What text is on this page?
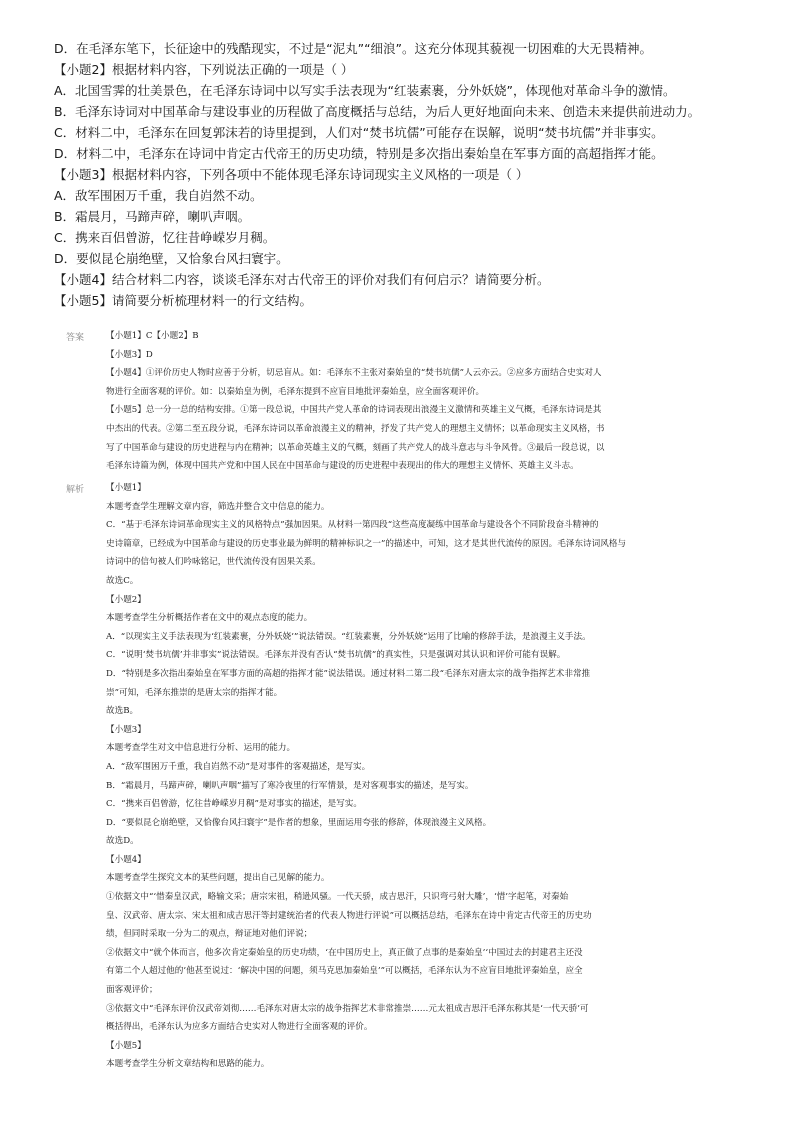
D．在毛泽东笔下，长征途中的残酷现实，不过是“泥丸”“细浪”。这充分体现其藐视一切困难的大无畏精神。
【小题2】根据材料内容，下列说法正确的一项是（ ）
A．北国雪霁的壮美景色，在毛泽东诗词中以写实手法表现为“红装素裹，分外妖娆”，体现他对革命斗争的激情。
B．毛泽东诗词对中国革命与建设事业的历程做了高度概括与总结，为后人更好地面向未来、创造未来提供前进动力。
C．材料二中，毛泽东在回复郭沫若的诗里提到，人们对“焚书坑儒”可能存在误解，说明“焚书坑儒”并非事实。
D．材料二中，毛泽东在诗词中肯定古代帝王的历史功绩，特别是多次指出秦始皇在军事方面的高超指挥才能。
【小题3】根据材料内容，下列各项中不能体现毛泽东诗词现实主义风格的一项是（ ）
A．敌军围困万千重，我自岿然不动。
B．霜晨月，马蹄声碎，喇叭声咽。
C．携来百侣曾游，忆往昔峥嵘岁月稠。
D．要似昆仑崩绝壁，又恰象台风扫寰宇。
【小题4】结合材料二内容，谈谈毛泽东对古代帝王的评价对我们有何启示？请简要分析。
【小题5】请简要分析梳理材料一的行文结构。
答案	【小题1】C【小题2】B
【小题3】D
【小题4】①评价历史人物时应善于分析，切忌盲从。如：毛泽东不主张对秦始皇的“焚书坑儒”人云亦云。②应多方面结合史实对人
物进行全面客观的评价。如：以秦始皇为例，毛泽东提到不应盲目地批评秦始皇，应全面客观评价。
【小题5】总一分一总的结构安排。①第一段总说，中国共产党人革命的诗词表现出浪漫主义激情和英雄主义气概，毛泽东诗词是其
中杰出的代表。②第二至五段分说，毛泽东诗词以革命浪漫主义的精神，抒发了共产党人的理想主义情怀；以革命现实主义风格，书
写了中国革命与建设的历史进程与内在精神；以革命英雄主义的气概，刻画了共产党人的战斗意志与斗争风骨。③最后一段总说，以
毛泽东诗篇为例，体现中国共产党和中国人民在中国革命与建设的历史进程中表现出的伟大的理想主义情怀、英雄主义斗志。
解析	【小题1】
本题考查学生理解文章内容，筛选并整合文中信息的能力。
C．“基于毛泽东诗词革命现实主义的风格特点”强加因果。从材料一第四段“这些高度凝练中国革命与建设各个不同阶段奋斗精神的
史诗篇章，已经成为中国革命与建设的历史事业最为鲜明的精神标识之一”的描述中，可知，这才是其世代流传的原因。毛泽东诗词风格与
诗词中的信句被人们吟咏铭记，世代流传没有因果关系。
故选C。
【小题2】
本题考查学生分析概括作者在文中的观点态度的能力。
A．“以现实主义手法表现为‘红装素裹，分外妖娆’”说法错误。“红装素裹，分外妖娆”运用了比喻的修辞手法，是浪漫主义手法。
C．“说明‘焚书坑儒’并非事实”说法错误。毛泽东并没有否认“焚书坑儒”的真实性，只是强调对其认识和评价可能有误解。
D．“特别是多次指出秦始皇在军事方面的高超的指挥才能”说法错误。通过材料二第二段“毛泽东对唐太宗的战争指挥艺术非常推
崇”可知，毛泽东推崇的是唐太宗的指挥才能。
故选B。
【小题3】
本题考查学生对文中信息进行分析、运用的能力。
A．“敌军围困万千重，我自岿然不动”是对事件的客观描述，是写实。
B．“霜晨月，马蹄声碎，喇叭声咽”描写了寒冷夜里的行军情景，是对客观事实的描述，是写实。
C．“携来百侣曾游，忆往昔峥嵘岁月稠”是对事实的描述，是写实。
D．“要似昆仑崩绝壁，又恰像台风扫寰宇”是作者的想象，里面运用夸张的修辞，体现浪漫主义风格。
故选D。
【小题4】
本题考查学生探究文本的某些问题，提出自己见解的能力。
①依据文中“‘惜秦皇汉武，略输文采；唐宗宋祖，稍逊风骚。一代天骄，成吉思汗，只识弯弓射大雕’，‘惜’字起笔，对秦始
皇、汉武帝、唐太宗、宋太祖和成吉思汗等封建统治者的代表人物进行评说”可以概括总结，毛泽东在诗中肯定古代帝王的历史功
绩，但同时采取一分为二的观点，辩证地对他们评说；
②依据文中“就个体而言，他多次肯定秦始皇的历史功绩，‘在中国历史上，真正做了点事的是秦始皇’‘中国过去的封建君主还没
有第二个人超过他的’他甚至说过：‘解决中国的问题，须马克思加秦始皇’”可以概括，毛泽东认为不应盲目地批评秦始皇，应全
面客观评价；
③依据文中“毛泽东评价汉武帝刘彻……毛泽东对唐太宗的战争指挥艺术非常推崇……元太祖成吉思汗毛泽东称其是‘一代天骄’可
概括得出，毛泽东认为应多方面结合史实对人物进行全面客观的评价。
【小题5】
本题考查学生分析文章结构和思路的能力。
